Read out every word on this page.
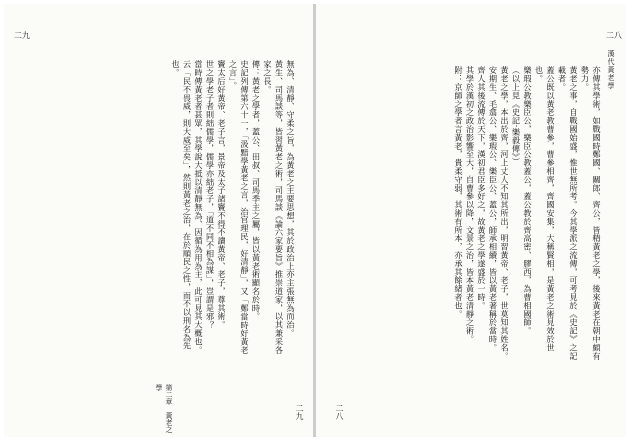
二八
漢代黃老學

亦傳其學術，如戰國時鄭國、關郎、齊公，皆精黃老之學，後來黃老在朝中頗有勢力。

黃老之事，自戰國始盛，惟世無所考。今其學派之流傳，可考見於《史記》之記載者。

蓋公既以黃老教曹參，曹參相齊，齊國安集，大稱賢相，是黃老之術見效於世也。

樂瑕公教樂臣公，樂臣公教蓋公，蓋公教於齊高密、膠西，為曹相國師。

（以上見《史記·樂毅傳》）

黃老之學，本出於齊，河上丈人不知其所出，明習黃帝、老子，世莫知其姓名。

安期生、毛翕公、樂瑕公、樂臣公、蓋公，師承相續，皆以黃老著稱於當時。

齊人其後流傳於天下，漢初君臣多好之，故黃老之學遂盛於一時。

其學於漢初之政治影響至大，自曹參以降，文景之治，皆本黃老清靜之術。

附：京師之學者言黃老，貴柔守弱，其術有所本，亦承其餘緒者也。

二八
二九

無為、清靜、守柔之旨，為黃老之主要思想，其於政治上亦主張無為而治。

黃生、司馬談等，皆習黃老之術，司馬談《論六家要旨》推崇道家，以其兼采各家之長。

傳：黃老之學者，蓋公、田叔、司馬季主之屬，皆以黃老術顯名於時。

史記列傳第六十一，「汲黯學黃老之言，治官理民，好清靜」，又「鄭當時好黃老之言」。

竇太后好黃帝、老子言，景帝及太子諸竇不得不讀黃帝、老子，尊其術。

世之學老子者則絀儒學，儒學亦絀老子，「道不同不相為謀」，豈謂是邪？

當時傳黃老者甚眾，其學說大抵以清靜無為、因循為用為主，此可見其大概也。

云「民不畏威，則大威至矣」，然則黃老之治，在於順民之性，而不以刑名為先也。

第二章　黃老之學
二九
